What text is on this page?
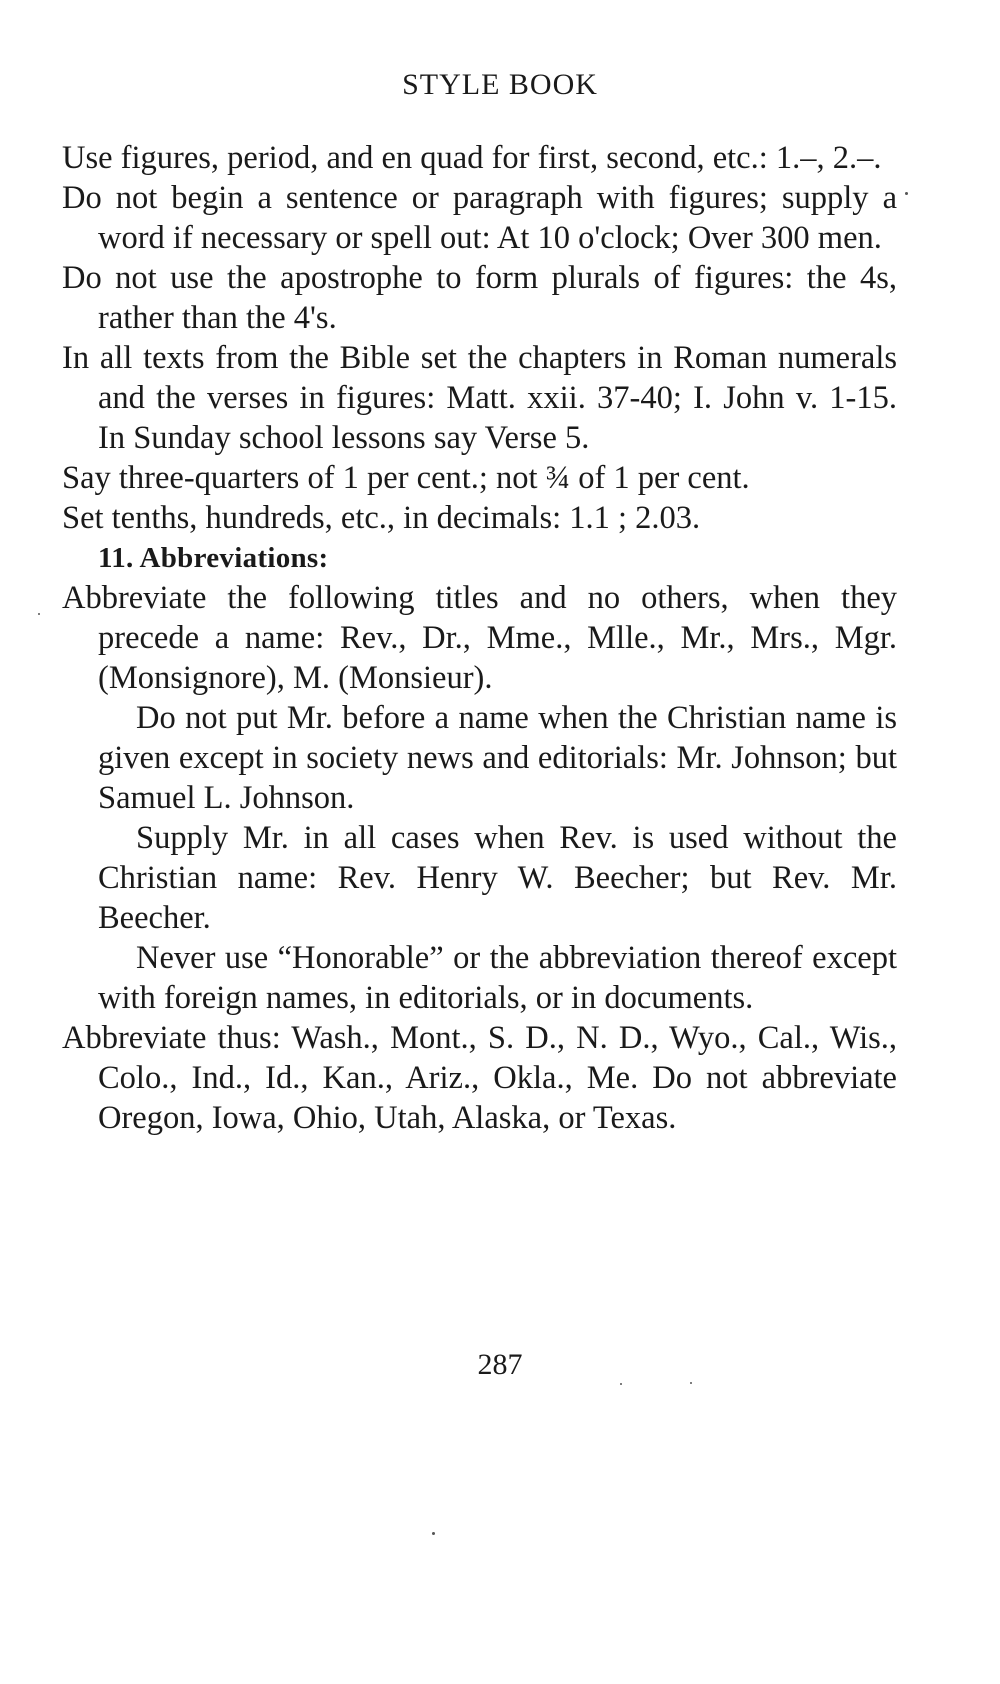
STYLE BOOK

Use figures, period, and en quad for first, second, etc.: 1.–, 2.–.

Do not begin a sentence or paragraph with figures; supply a word if necessary or spell out: At 10 o'clock; Over 300 men.

Do not use the apostrophe to form plurals of figures: the 4s, rather than the 4's.

In all texts from the Bible set the chapters in Roman numerals and the verses in figures: Matt. xxii. 37-40; I. John v. 1-15. In Sunday school lessons say Verse 5.

Say three-quarters of 1 per cent.; not ¾ of 1 per cent.

Set tenths, hundreds, etc., in decimals: 1.1 ; 2.03.

11. Abbreviations:

Abbreviate the following titles and no others, when they precede a name: Rev., Dr., Mme., Mlle., Mr., Mrs., Mgr. (Monsignore), M. (Monsieur).

Do not put Mr. before a name when the Christian name is given except in society news and editorials: Mr. Johnson; but Samuel L. Johnson.

Supply Mr. in all cases when Rev. is used without the Christian name: Rev. Henry W. Beecher; but Rev. Mr. Beecher.

Never use “Honorable” or the abbreviation thereof except with foreign names, in editorials, or in documents.

Abbreviate thus: Wash., Mont., S. D., N. D., Wyo., Cal., Wis., Colo., Ind., Id., Kan., Ariz., Okla., Me. Do not abbreviate Oregon, Iowa, Ohio, Utah, Alaska, or Texas.

287
